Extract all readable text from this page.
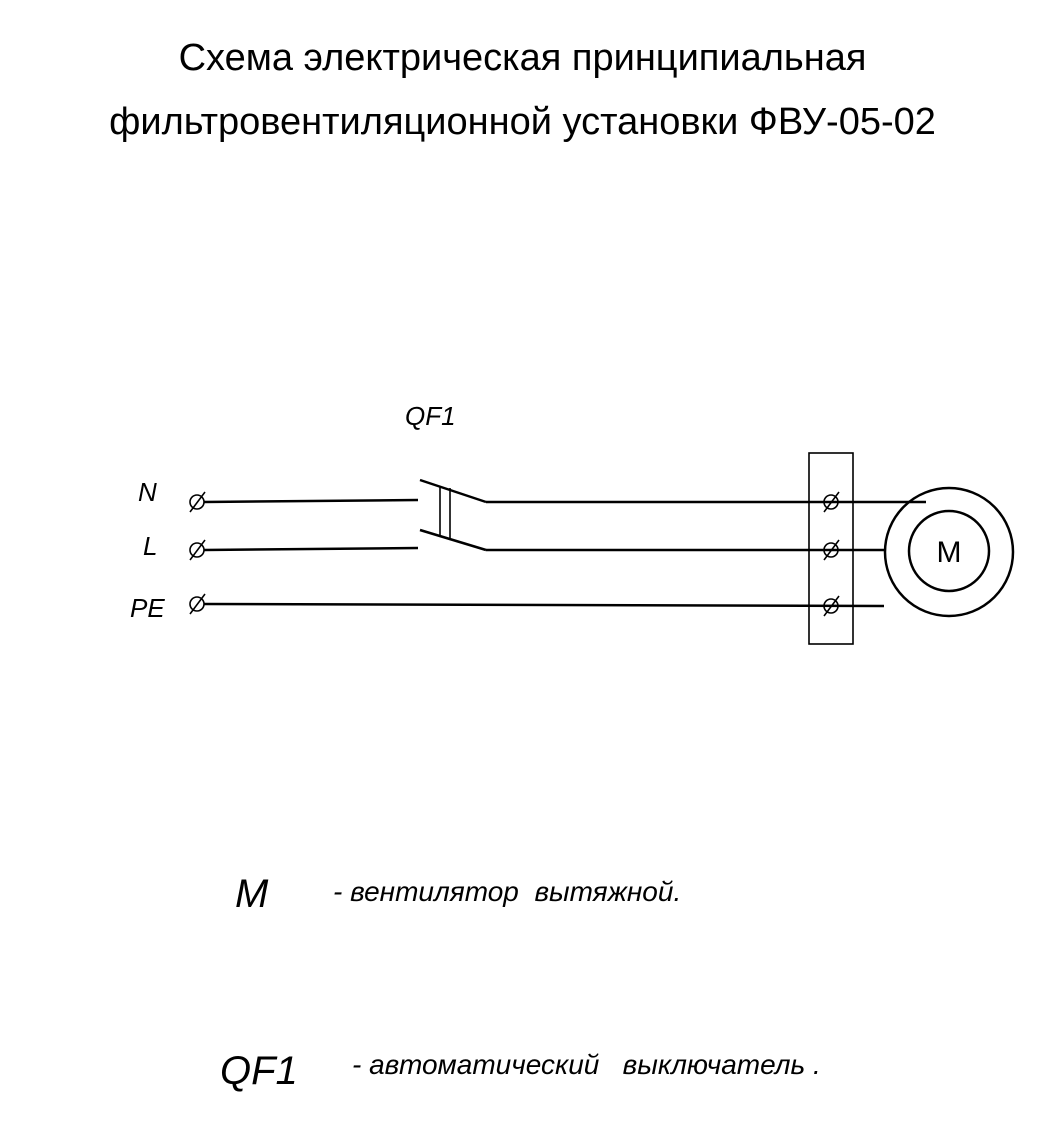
Схема электрическая принципиальная
фильтровентиляционной установки ФВУ-05-02
N
L
PE
QF1
M
M - вентилятор  вытяжной.
QF1 - автоматический   выключатель .
